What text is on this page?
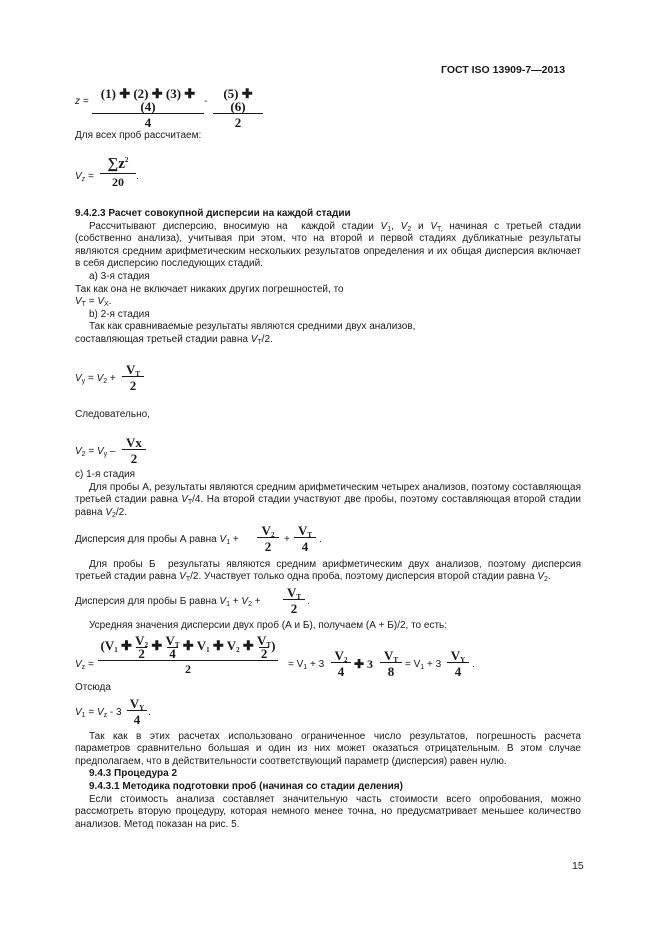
ГОСТ ISO 13909-7—2013
$z = \frac{(1) ✚ (2) ✚ (3) ✚ (4)}{4} - \frac{(5) ✚ (6)}{2}$
Для всех проб рассчитаем:
$V_z$ =
$\sum z^2$
20	.
9.4.2.3 Расчет совокупной дисперсии на каждой стадии
Рассчитывают дисперсию, вносимую на  каждой стадии $V_1$, $V_2$ и $V_{T,}$ начиная с третьей стадии (собственно анализа), учитывая при этом, что на второй и первой стадиях дубликатные результаты являются средним арифметическим нескольких результатов определения и их общая дисперсия включает в себя дисперсию последующих стадий.
а) 3-я стадия
Так как она не включает никаких других погрешностей, то
$V_T = V_X$.
b) 2-я стадия
Так как сравниваемые результаты являются средними двух анализов,
составляющая третьей стадии равна $V_T/2$.
$V_y = V_2 + \frac{V_T}{2}$
Следовательно,
$V_2 = V_y - \frac{Vx}{2}$
с) 1-я стадия
Для пробы А, результаты являются средним арифметическим четырех анализов, поэтому составляющая третьей стадии равна $V_T/4$. На второй стадии участвуют две пробы, поэтому составляющая второй стадии равна $V_2/2$.
Дисперсия для пробы А равна $V_1 + \frac{V_2}{2} + \frac{V_T}{4}$ .
Для пробы Б  результаты являются средним арифметическим двух анализов, поэтому дисперсия третьей стадии равна $V_T/2$. Участвует только одна проба, поэтому дисперсия второй стадии равна $V_2$.
Дисперсия для пробы Б равна $V_1 + V_2 + \frac{V_T}{2}$ .
Усредняя значения дисперсии двух проб (А и Б), получаем (А + Б)/2, то есть:
$V_z$ =
($V_1$ ✚ $V_2$
2 ✚ $V_T$
4 ✚ $V_1$ ✚ $V_2$ ✚ $V_T$
2)
2	= $V_1 + 3 \frac{V_2}{4}$ ✚ $3 \frac{V_T}{8} = V_1 + 3 \frac{V_Y}{4}$ .
Отсюда
$V_1 = V_z - 3 \frac{V_Y}{4}$ .
Так как в этих расчетах использовано ограниченное число результатов, погрешность расчета параметров сравнительно большая и один из них может оказаться отрицательным. В этом случае предполагаем, что в действительности соответствующий параметр (дисперсия) равен нулю.
9.4.3 Процедура 2
9.4.3.1 Методика подготовки проб (начиная со стадии деления)
Если стоимость анализа составляет значительную часть стоимости всего опробования, можно рассмотреть вторую процедуру, которая немного менее точна, но предусматривает меньшее количество анализов. Метод показан на рис. 5.
15
